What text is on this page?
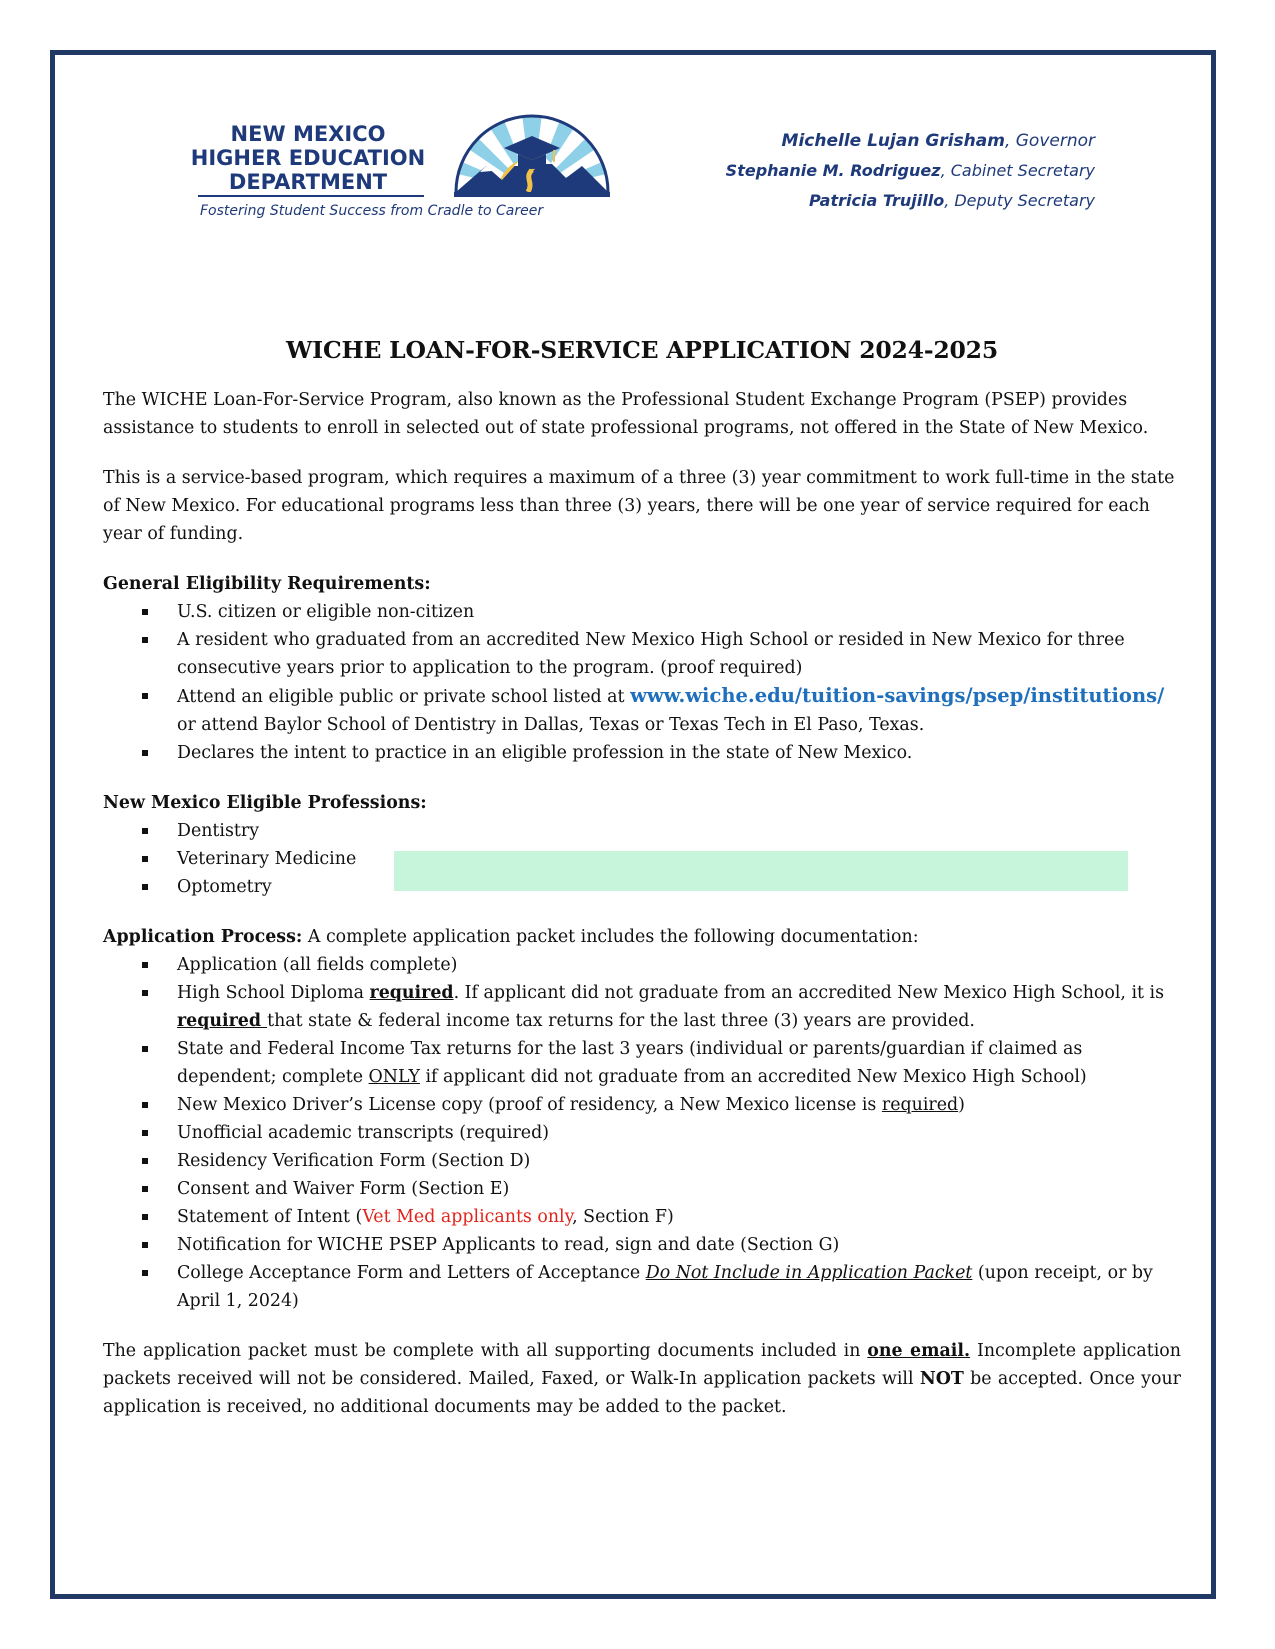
NEW MEXICO
HIGHER EDUCATION
DEPARTMENT
Fostering Student Success from Cradle to Career
Michelle Lujan Grisham, Governor
Stephanie M. Rodriguez, Cabinet Secretary
Patricia Trujillo, Deputy Secretary
WICHE LOAN-FOR-SERVICE APPLICATION 2024-2025

The WICHE Loan-For-Service Program, also known as the Professional Student Exchange Program (PSEP) provides assistance to students to enroll in selected out of state professional programs, not offered in the State of New Mexico.

This is a service-based program, which requires a maximum of a three (3) year commitment to work full-time in the state of New Mexico. For educational programs less than three (3) years, there will be one year of service required for each year of funding.

General Eligibility Requirements:
U.S. citizen or eligible non-citizen
A resident who graduated from an accredited New Mexico High School or resided in New Mexico for three consecutive years prior to application to the program. (proof required)
Attend an eligible public or private school listed at www.wiche.edu/tuition-savings/psep/institutions/ or attend Baylor School of Dentistry in Dallas, Texas or Texas Tech in El Paso, Texas.
Declares the intent to practice in an eligible profession in the state of New Mexico.
New Mexico Eligible Professions:
Dentistry
Veterinary Medicine
Optometry
Application Process: A complete application packet includes the following documentation:
Application (all fields complete)
High School Diploma required. If applicant did not graduate from an accredited New Mexico High School, it is required that state & federal income tax returns for the last three (3) years are provided.
State and Federal Income Tax returns for the last 3 years (individual or parents/guardian if claimed as dependent; complete ONLY if applicant did not graduate from an accredited New Mexico High School)
New Mexico Driver’s License copy (proof of residency, a New Mexico license is required)
Unofficial academic transcripts (required)
Residency Verification Form (Section D)
Consent and Waiver Form (Section E)
Statement of Intent (Vet Med applicants only, Section F)
Notification for WICHE PSEP Applicants to read, sign and date (Section G)
College Acceptance Form and Letters of Acceptance Do Not Include in Application Packet (upon receipt, or by April 1, 2024)

The application packet must be complete with all supporting documents included in one email. Incomplete application packets received will not be considered. Mailed, Faxed, or Walk-In application packets will NOT be accepted. Once your application is received, no additional documents may be added to the packet.
